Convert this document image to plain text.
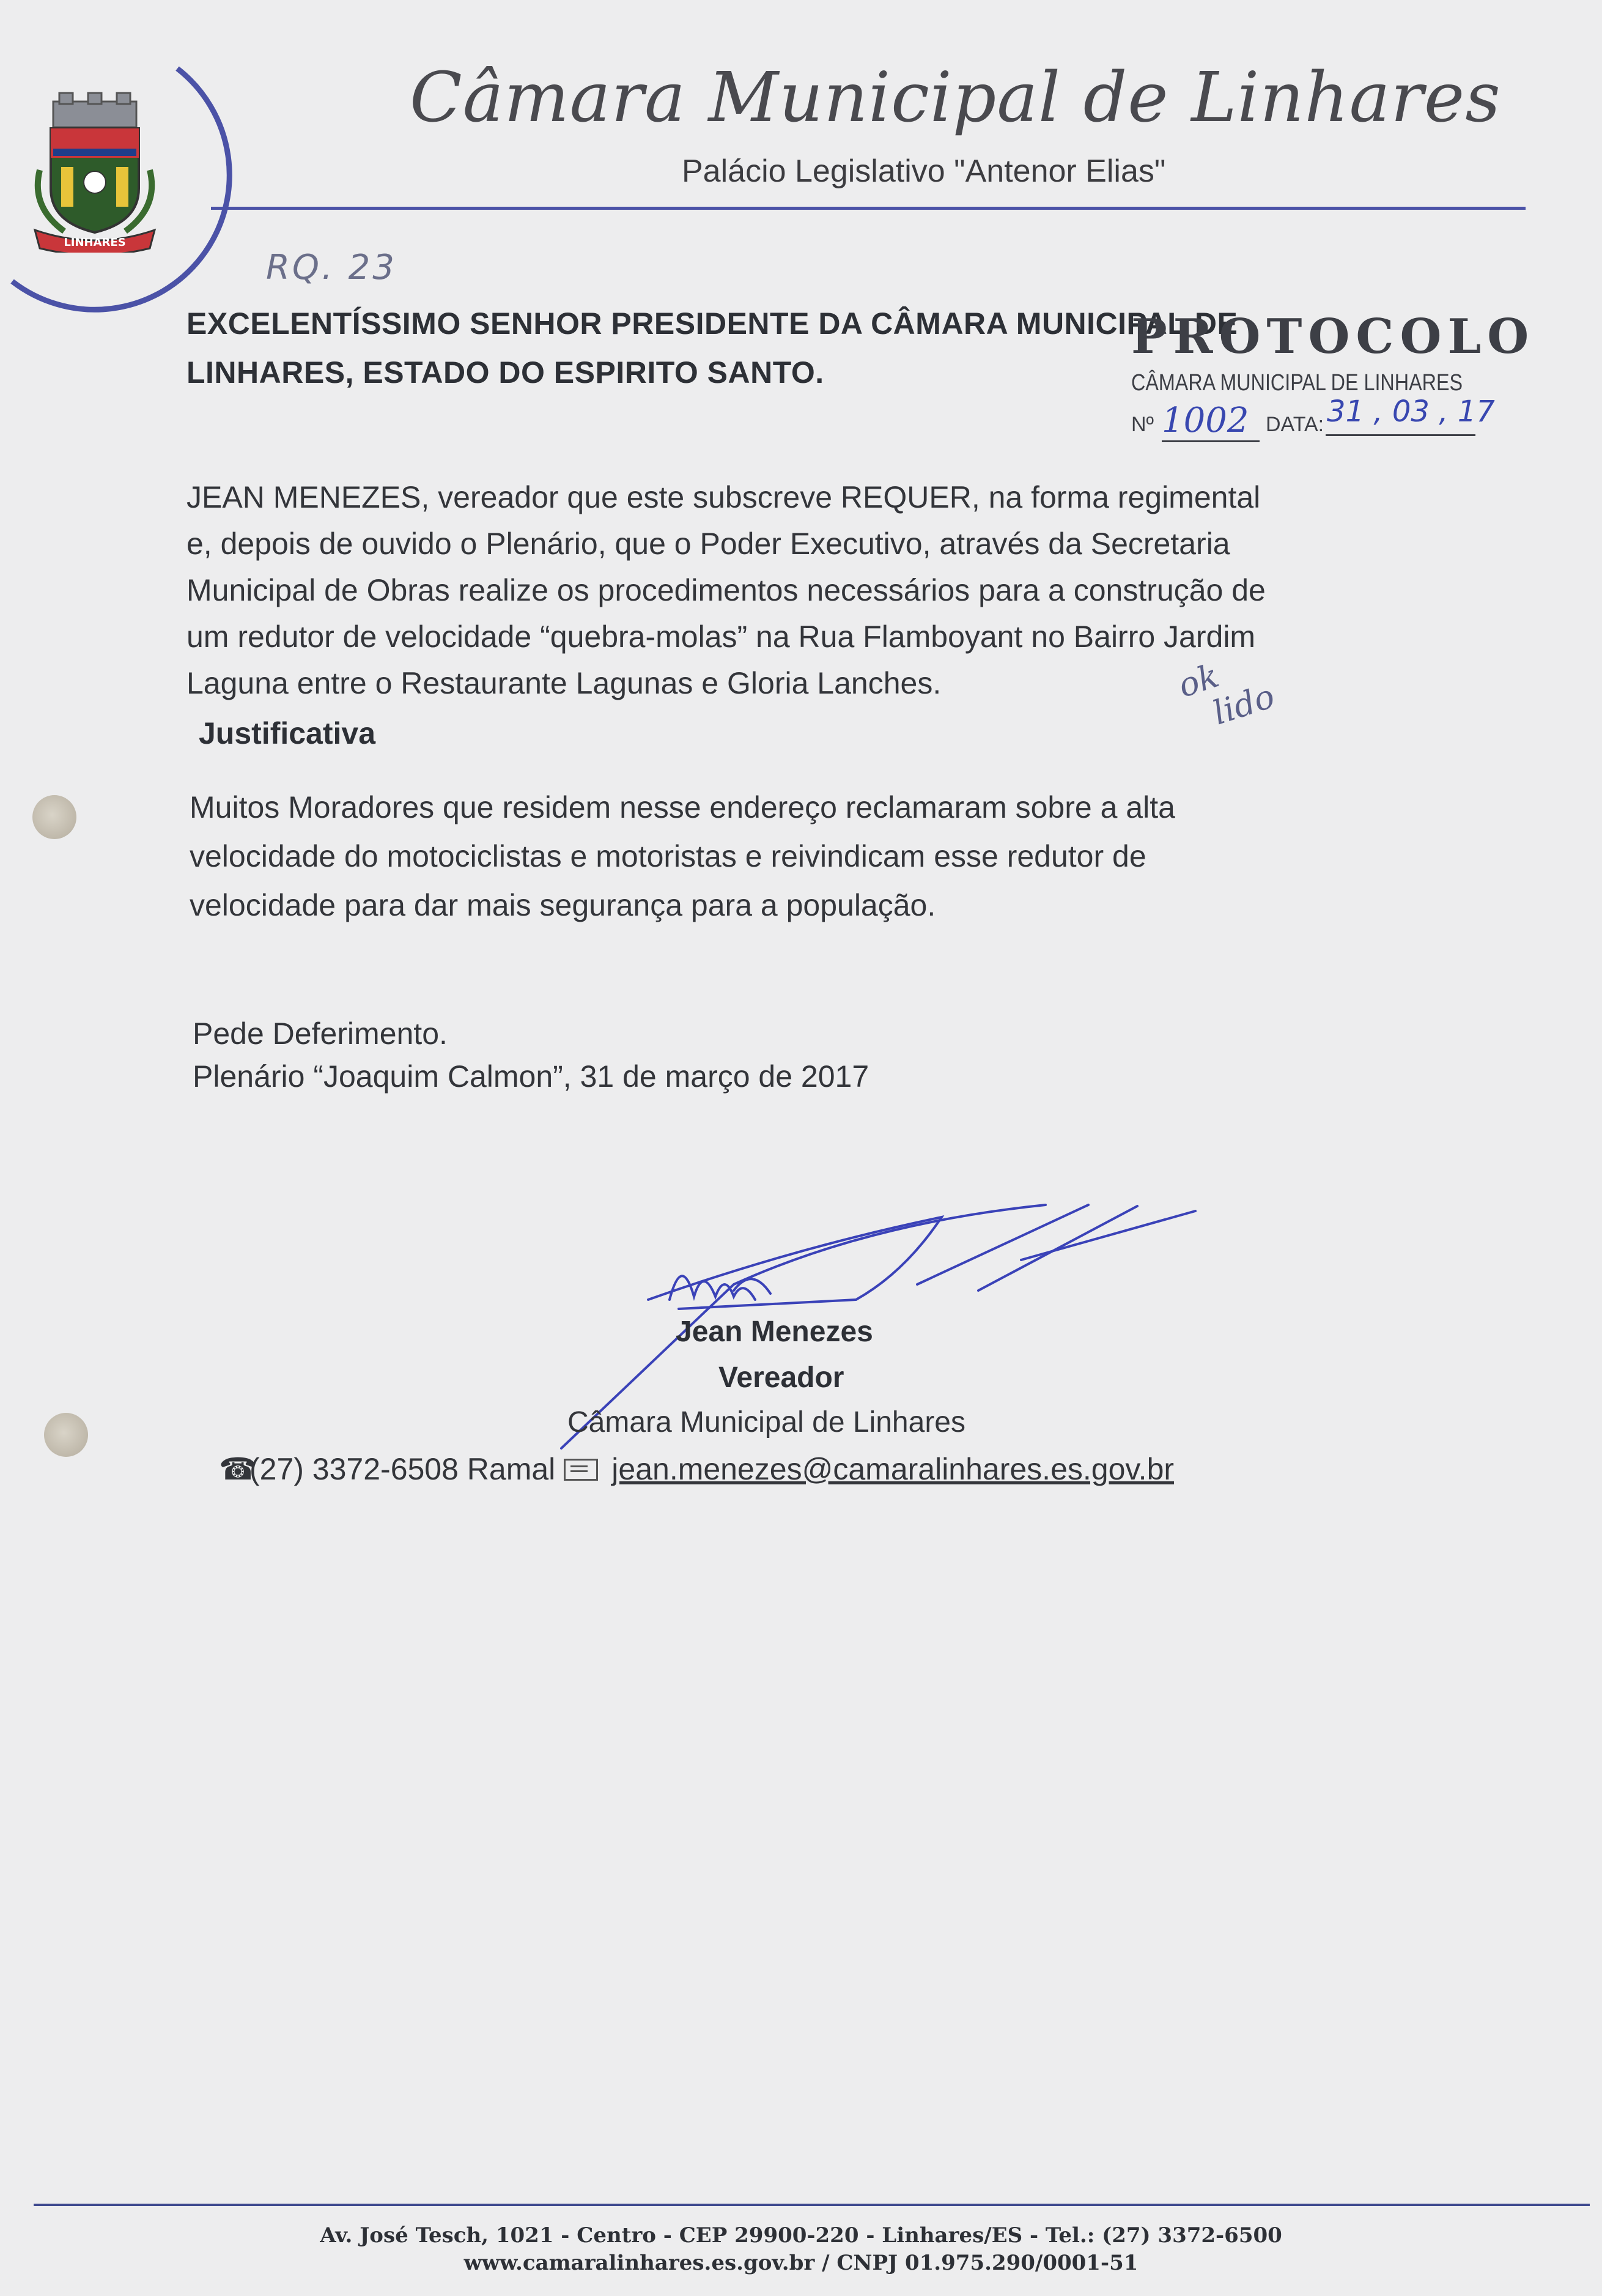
LINHARES
Câmara Municipal de Linhares
Palácio Legislativo "Antenor Elias"
RQ. 23
EXCELENTÍSSIMO SENHOR PRESIDENTE DA CÂMARA MUNICIPAL DE
LINHARES, ESTADO DO ESPIRITO SANTO.
PROTOCOLO
CÂMARA MUNICIPAL DE LINHARES
Nº 1002 DATA: 31 , 03 , 17
JEAN MENEZES, vereador que este subscreve REQUER, na forma regimental
e, depois de ouvido o Plenário, que o Poder Executivo, através da Secretaria
Municipal de Obras realize os procedimentos necessários para a construção de
um redutor de velocidade “quebra-molas” na Rua Flamboyant no Bairro Jardim
Laguna entre o Restaurante Lagunas e Gloria Lanches.	ok
lido
Justificativa
Muitos Moradores que residem nesse endereço reclamaram sobre a alta
velocidade do motociclistas e motoristas e reivindicam esse redutor de
velocidade para dar mais segurança para a população.
Pede Deferimento.
Plenário “Joaquim Calmon”, 31 de março de 2017
Jean Menezes
Vereador
Câmara Municipal de Linhares
☎(27) 3372-6508 Ramal jean.menezes@camaralinhares.es.gov.br
Av. José Tesch, 1021 - Centro - CEP 29900-220 - Linhares/ES - Tel.: (27) 3372-6500
www.camaralinhares.es.gov.br / CNPJ 01.975.290/0001-51
